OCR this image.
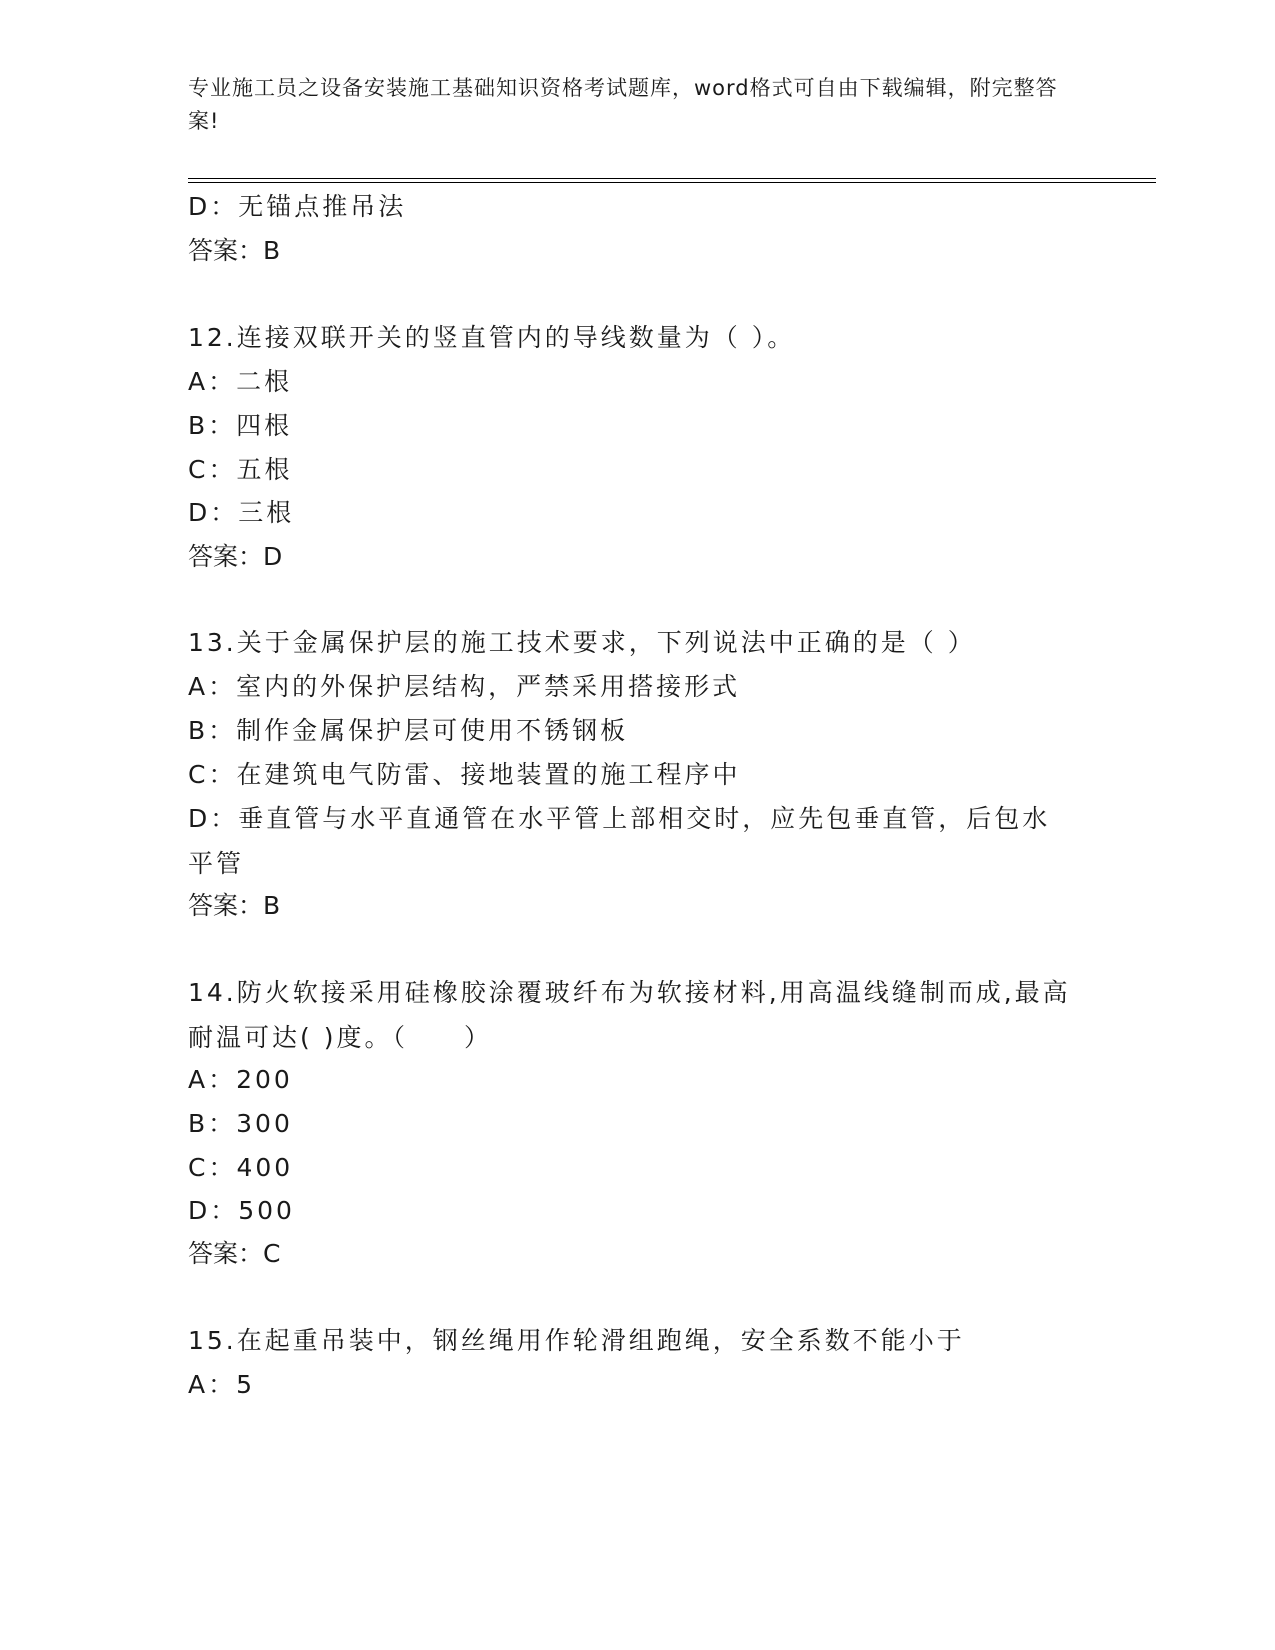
专业施工员之设备安装施工基础知识资格考试题库，word格式可自由下载编辑，附完整答案!
D：无锚点推吊法
答案：B
12.连接双联开关的竖直管内的导线数量为（ ）。
A：二根
B：四根
C：五根
D：三根
答案：D
13.关于金属保护层的施工技术要求，下列说法中正确的是（ ）
A：室内的外保护层结构，严禁采用搭接形式
B：制作金属保护层可使用不锈钢板
C：在建筑电气防雷、接地装置的施工程序中
D：垂直管与水平直通管在水平管上部相交时，应先包垂直管，后包水平管
答案：B
14.防火软接采用硅橡胶涂覆玻纤布为软接材料,用高温线缝制而成,最高耐温可达( )度。（　　）
A：200
B：300
C：400
D：500
答案：C
15.在起重吊装中，钢丝绳用作轮滑组跑绳，安全系数不能小于
A：5
